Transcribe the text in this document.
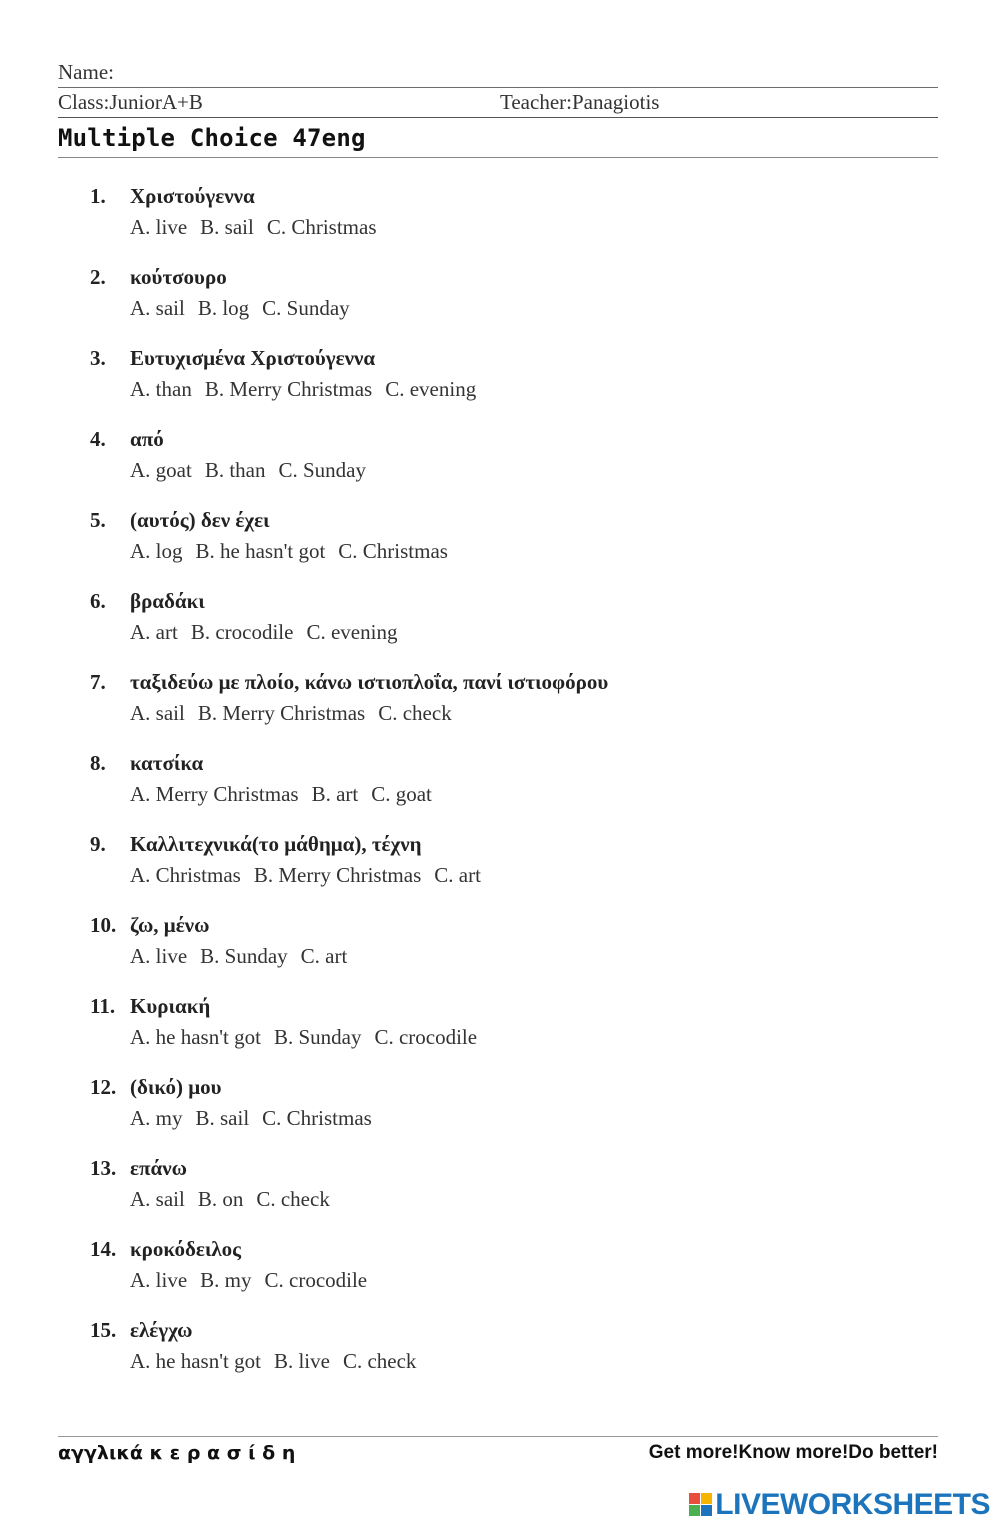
Name:
Class:JuniorA+B	Teacher:Panagiotis
Multiple Choice 47eng
1. Χριστούγεννα
A. live B. sail C. Christmas
2. κούτσουρο
A. sail B. log C. Sunday
3. Ευτυχισμένα Χριστούγεννα
A. than B. Merry Christmas C. evening
4. από
A. goat B. than C. Sunday
5. (αυτός) δεν έχει
A. log B. he hasn't got C. Christmas
6. βραδάκι
A. art B. crocodile C. evening
7. ταξιδεύω με πλοίο, κάνω ιστιοπλοΐα, πανί ιστιοφόρου
A. sail B. Merry Christmas C. check
8. κατσίκα
A. Merry Christmas B. art C. goat
9. Καλλιτεχνικά(το μάθημα), τέχνη
A. Christmas B. Merry Christmas C. art
10. ζω, μένω
A. live B. Sunday C. art
11. Κυριακή
A. he hasn't got B. Sunday C. crocodile
12. (δικό) μου
A. my B. sail C. Christmas
13. επάνω
A. sail B. on C. check
14. κροκόδειλος
A. live B. my C. crocodile
15. ελέγχω
A. he hasn't got B. live C. check
αγγλικά κ ε ρ α σ ί δ η	Get more!Know more!Do better!
LIVEWORKSHEETS
